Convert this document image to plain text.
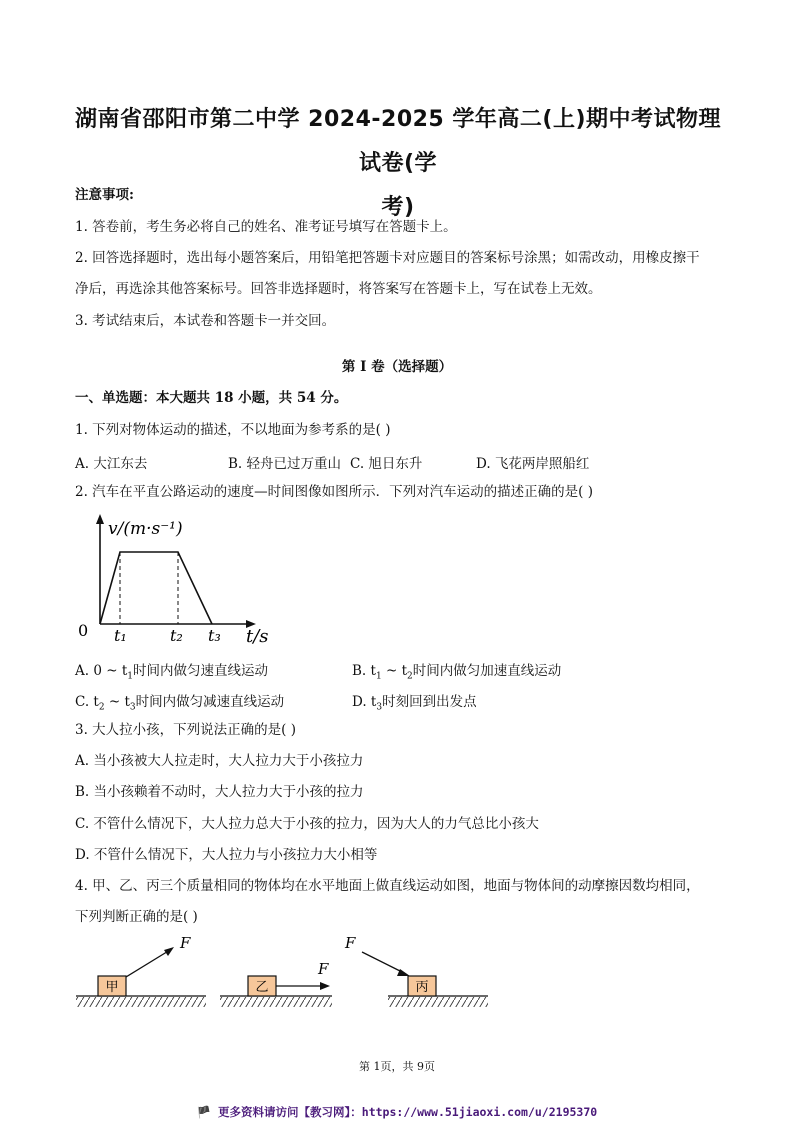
湖南省邵阳市第二中学 2024-2025 学年高二(上)期中考试物理试卷(学
考)
注意事项:
1. 答卷前，考生务必将自己的姓名、准考证号填写在答题卡上。
2. 回答选择题时，选出每小题答案后，用铅笔把答题卡对应题目的答案标号涂黑；如需改动，用橡皮擦干
净后，再选涂其他答案标号。回答非选择题时，将答案写在答题卡上，写在试卷上无效。
3. 考试结束后，本试卷和答题卡一并交回。
第 I 卷（选择题）
一、单选题：本大题共 18 小题，共 54 分。
1. 下列对物体运动的描述，不以地面为参考系的是( )
A. 大江东去	B. 轻舟已过万重山 C. 旭日东升	D. 飞花两岸照船红
2. 汽车在平直公路运动的速度—时间图像如图所示．下列对汽车运动的描述正确的是( )
v/(m·s⁻¹)
0 t₁	t₂ t₃ t/s
A. 0 ~ $t_1$时间内做匀速直线运动	B. $t_1$ ~ $t_2$时间内做匀加速直线运动
C. $t_2$ ~ $t_3$时间内做匀减速直线运动	D. $t_3$时刻回到出发点
3. 大人拉小孩，下列说法正确的是( )
A. 当小孩被大人拉走时，大人拉力大于小孩拉力
B. 当小孩赖着不动时，大人拉力大于小孩的拉力
C. 不管什么情况下，大人拉力总大于小孩的拉力，因为大人的力气总比小孩大
D. 不管什么情况下，大人拉力与小孩拉力大小相等
4. 甲、乙、丙三个质量相同的物体均在水平地面上做直线运动如图，地面与物体间的动摩擦因数均相同，
下列判断正确的是( )
甲
F
乙
F
丙
F
第 1页，共 9页
🏴 更多资料请访问【教习网】：https://www.51jiaoxi.com/u/2195370
